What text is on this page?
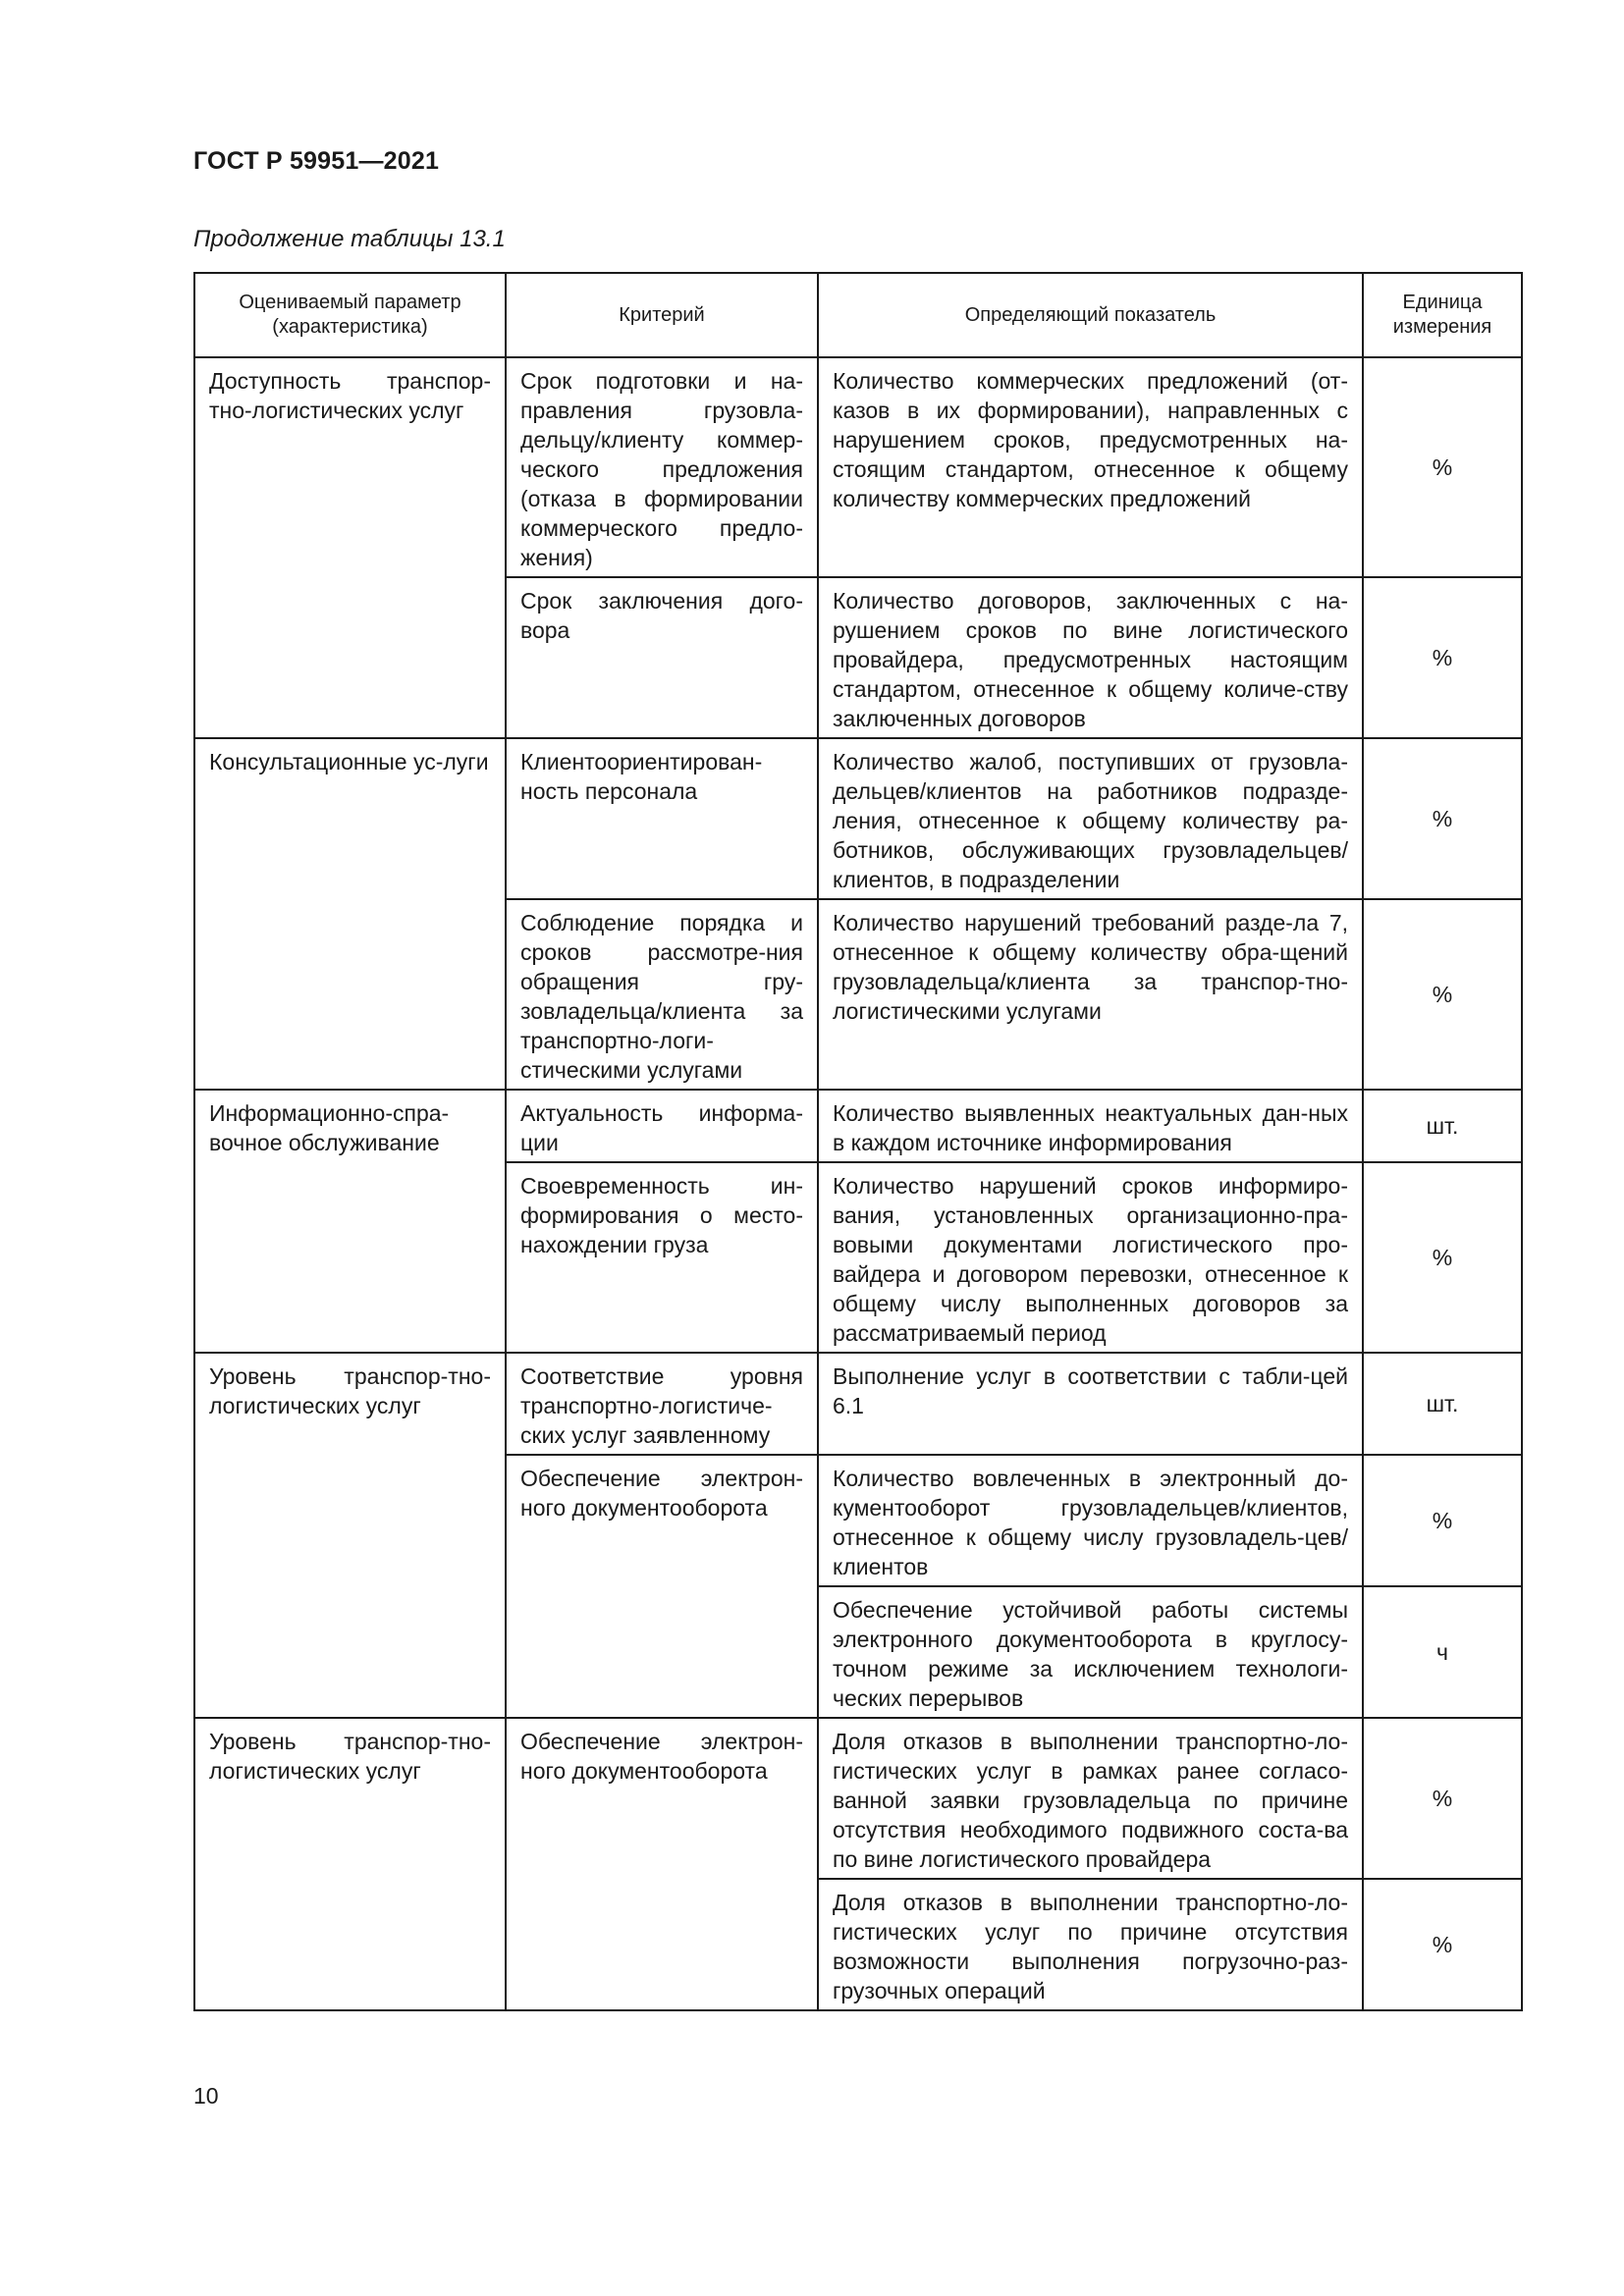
ГОСТ Р 59951—2021
Продолжение таблицы 13.1
Оцениваемый параметр (характеристика)	Критерий	Определяющий показатель	Единица измерения
Доступность транспор-тно-логистических услуг	Срок подготовки и на-правления грузовла-дельцу/клиенту коммер-ческого предложения (отказа в формировании коммерческого предло-жения)	Количество коммерческих предложений (от-казов в их формировании), направленных с нарушением сроков, предусмотренных на-стоящим стандартом, отнесенное к общему количеству коммерческих предложений	%
	Срок заключения дого-вора	Количество договоров, заключенных с на-рушением сроков по вине логистического провайдера, предусмотренных настоящим стандартом, отнесенное к общему количе-ству заключенных договоров	%
Консультационные ус-луги	Клиентоориентирован-ность персонала	Количество жалоб, поступивших от грузовла-дельцев/клиентов на работников подразде-ления, отнесенное к общему количеству ра-ботников, обслуживающих грузовладельцев/клиентов, в подразделении	%
	Соблюдение порядка и сроков рассмотре-ния обращения гру-зовладельца/клиента за транспортно-логи-стическими услугами	Количество нарушений требований разде-ла 7, отнесенное к общему количеству обра-щений грузовладельца/клиента за транспор-тно-логистическими услугами	%
Информационно-спра-вочное обслуживание	Актуальность информа-ции	Количество выявленных неактуальных дан-ных в каждом источнике информирования	шт.
	Своевременность ин-формирования о место-нахождении груза	Количество нарушений сроков информиро-вания, установленных организационно-пра-вовыми документами логистического про-вайдера и договором перевозки, отнесенное к общему числу выполненных договоров за рассматриваемый период	%
Уровень транспор-тно-логистических услуг	Соответствие уровня транспортно-логистиче-ских услуг заявленному	Выполнение услуг в соответствии с табли-цей 6.1	шт.
	Обеспечение электрон-ного документооборота	Количество вовлеченных в электронный до-кументооборот грузовладельцев/клиентов, отнесенное к общему числу грузовладель-цев/клиентов	%
		Обеспечение устойчивой работы системы электронного документооборота в круглосу-точном режиме за исключением технологи-ческих перерывов	ч
Уровень транспор-тно-логистических услуг	Обеспечение электрон-ного документооборота	Доля отказов в выполнении транспортно-ло-гистических услуг в рамках ранее согласо-ванной заявки грузовладельца по причине отсутствия необходимого подвижного соста-ва по вине логистического провайдера	%
		Доля отказов в выполнении транспортно-ло-гистических услуг по причине отсутствия возможности выполнения погрузочно-раз-грузочных операций	%
10
